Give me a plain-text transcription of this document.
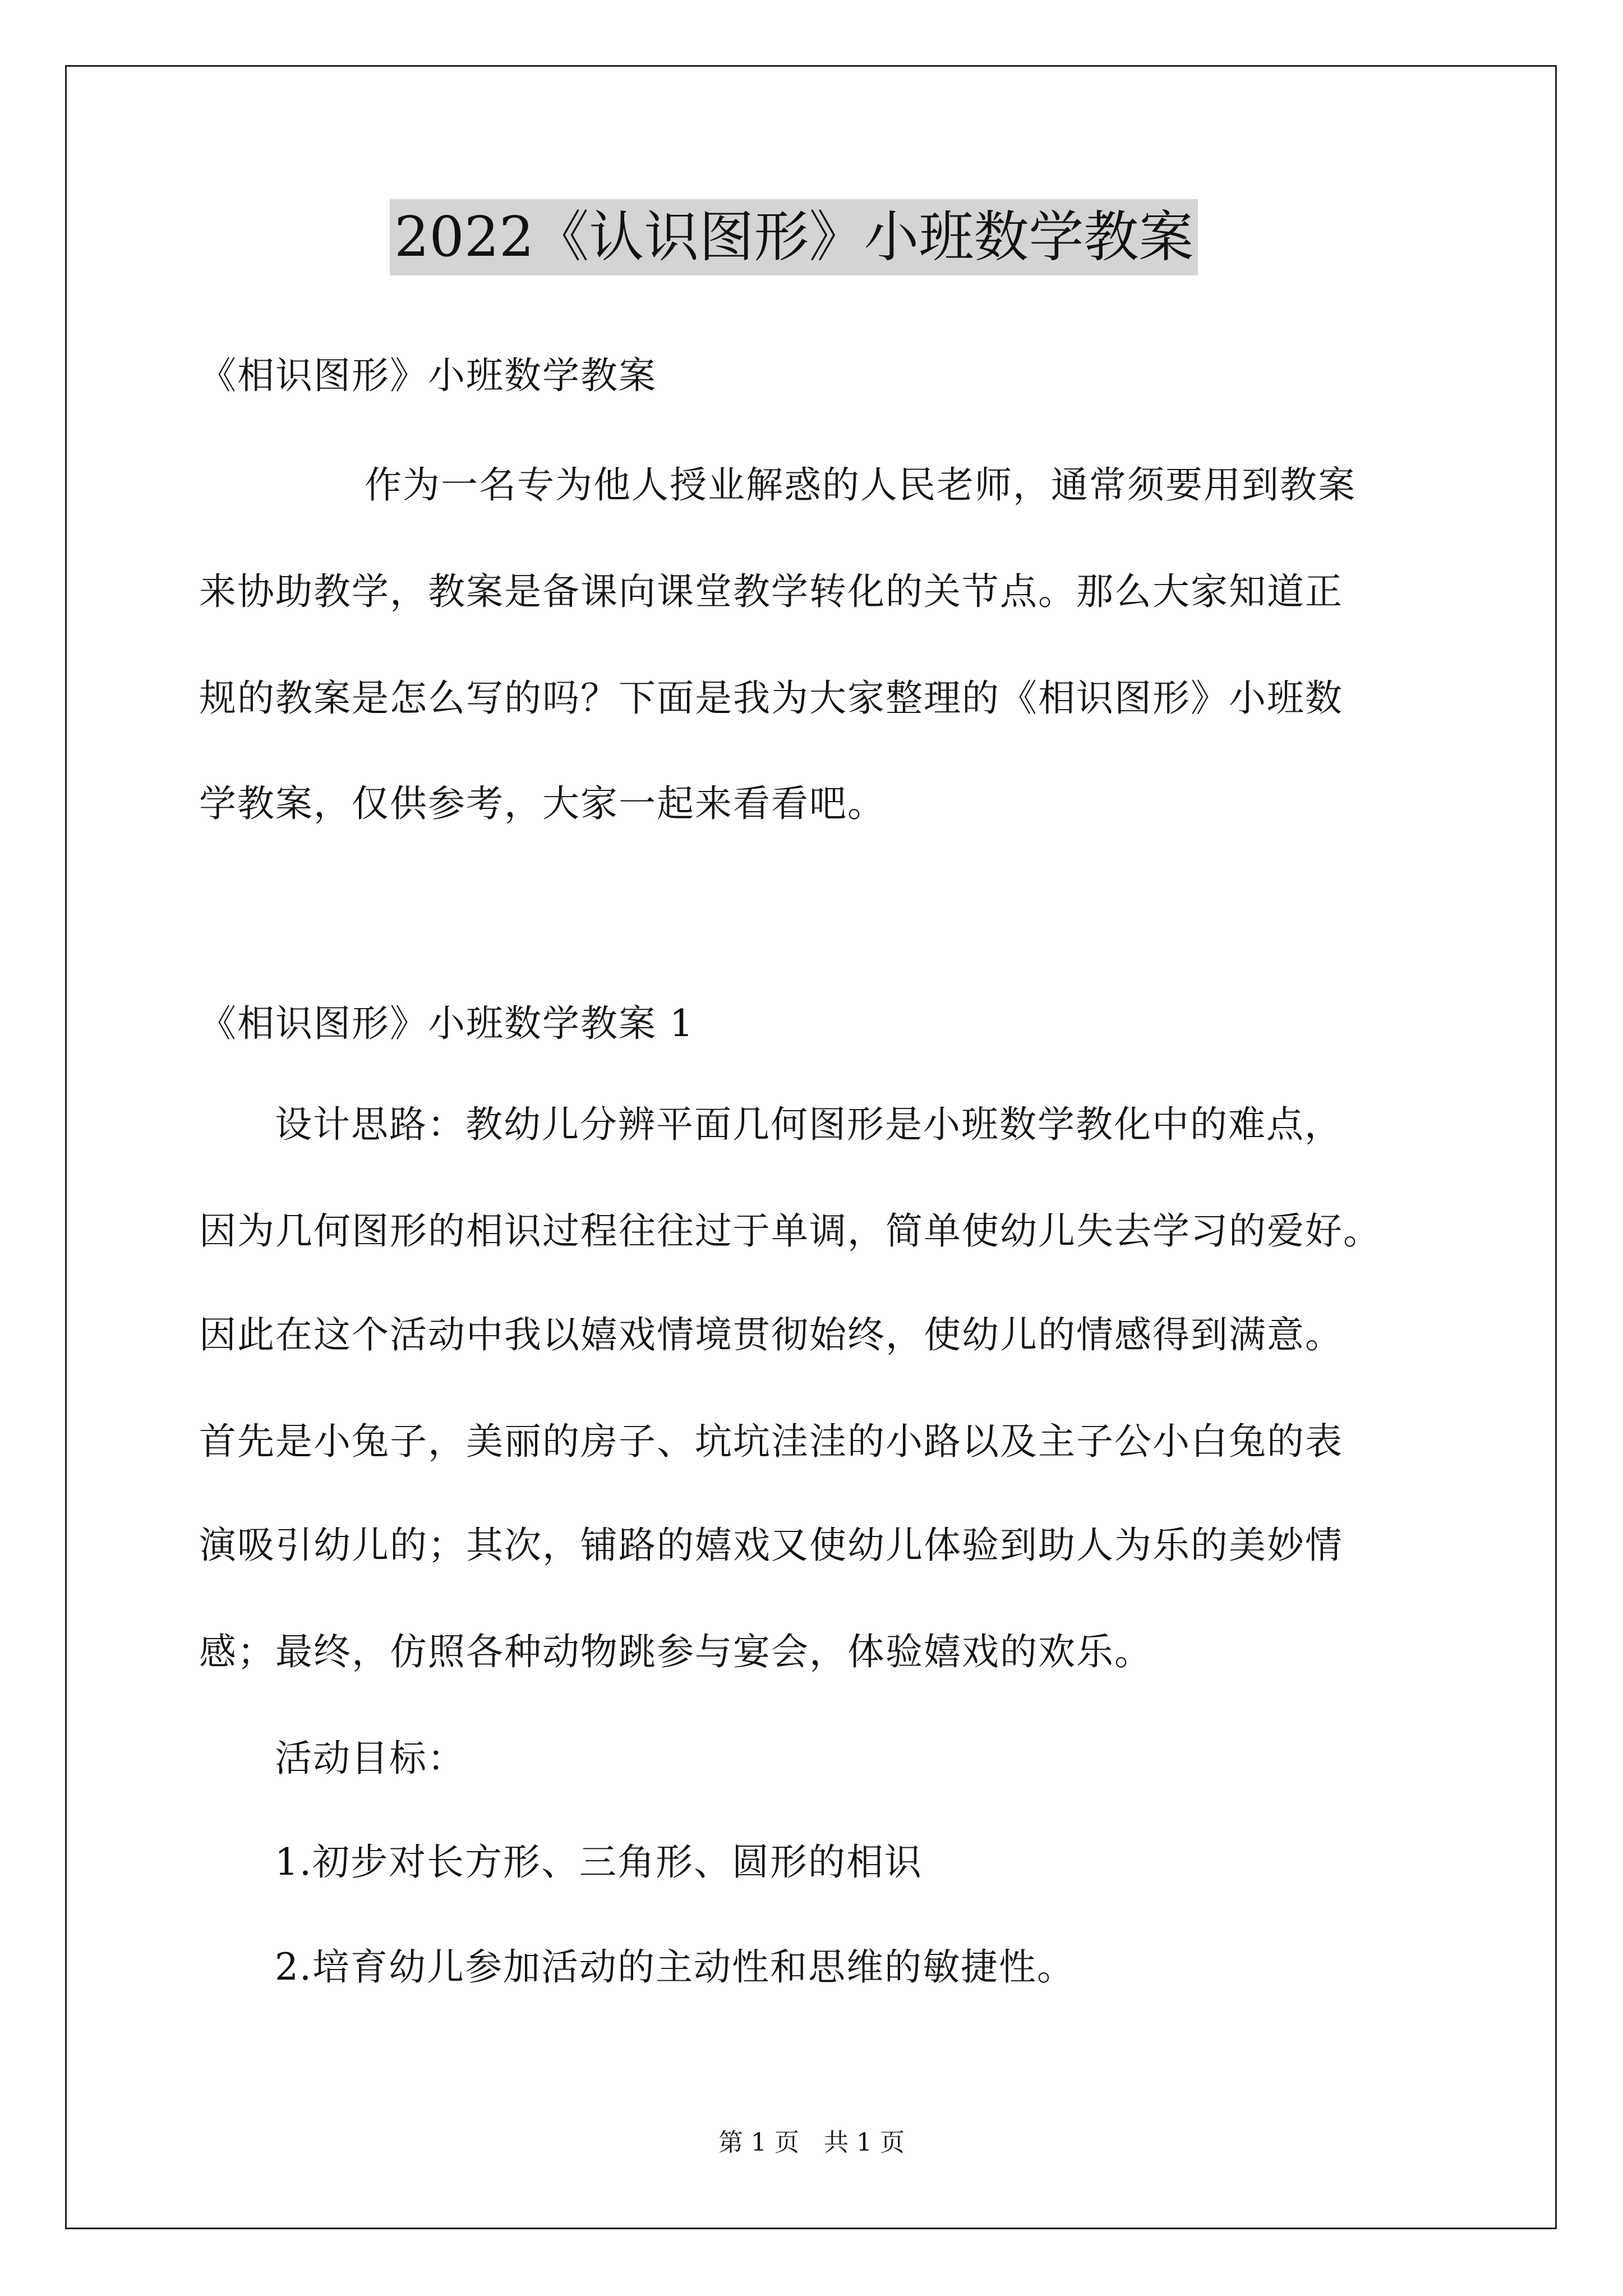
2022《认识图形》小班数学教案
《相识图形》小班数学教案
作为一名专为他人授业解惑的人民老师，通常须要用到教案
来协助教学，教案是备课向课堂教学转化的关节点。那么大家知道正
规的教案是怎么写的吗？下面是我为大家整理的《相识图形》小班数
学教案，仅供参考，大家一起来看看吧。
《相识图形》小班数学教案 1
设计思路：教幼儿分辨平面几何图形是小班数学教化中的难点，
因为几何图形的相识过程往往过于单调，简单使幼儿失去学习的爱好。
因此在这个活动中我以嬉戏情境贯彻始终，使幼儿的情感得到满意。
首先是小兔子，美丽的房子、坑坑洼洼的小路以及主子公小白兔的表
演吸引幼儿的；其次，铺路的嬉戏又使幼儿体验到助人为乐的美妙情
感；最终，仿照各种动物跳参与宴会，体验嬉戏的欢乐。
活动目标：
1.初步对长方形、三角形、圆形的相识
2.培育幼儿参加活动的主动性和思维的敏捷性。
第 1 页　共 1 页
